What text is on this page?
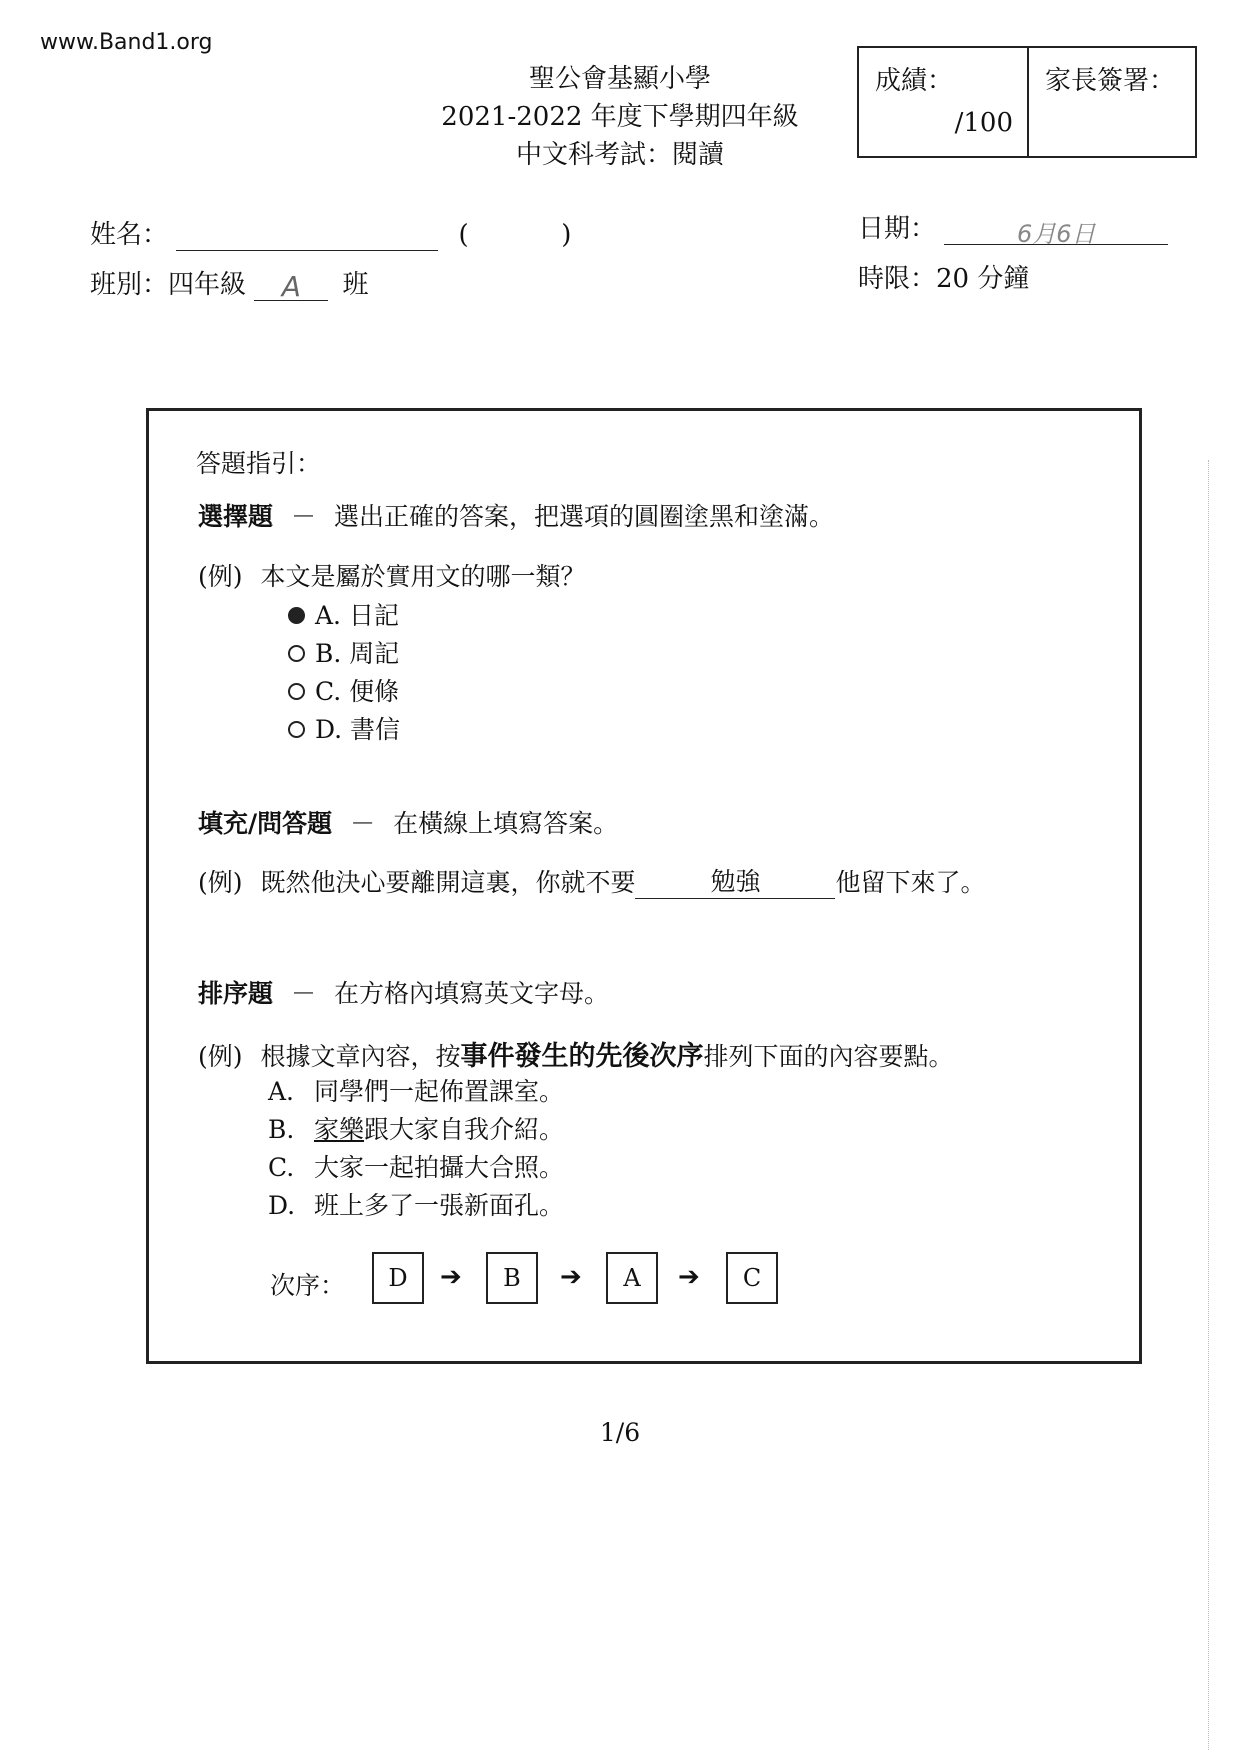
www.Band1.org
聖公會基顯小學
2021-2022 年度下學期四年級
中文科考試：閱讀
成績：
/100
家長簽署：
姓名：	(	)
班別：四年級 A 班
日期：	6月6日
時限：20 分鐘
答題指引：
選擇題 － 選出正確的答案，把選項的圓圈塗黑和塗滿。
(例) 本文是屬於實用文的哪一類？
A. 日記
B. 周記
C. 便條
D. 書信
填充/問答題 － 在橫線上填寫答案。
(例) 既然他決心要離開這裏，你就不要	勉強	他留下來了。
排序題 － 在方格內填寫英文字母。
(例) 根據文章內容，按事件發生的先後次序排列下面的內容要點。
A. 同學們一起佈置課室。
B. 家樂跟大家自我介紹。
C. 大家一起拍攝大合照。
D. 班上多了一張新面孔。
次序：	D	➔	B	➔	A	➔	C
1/6
